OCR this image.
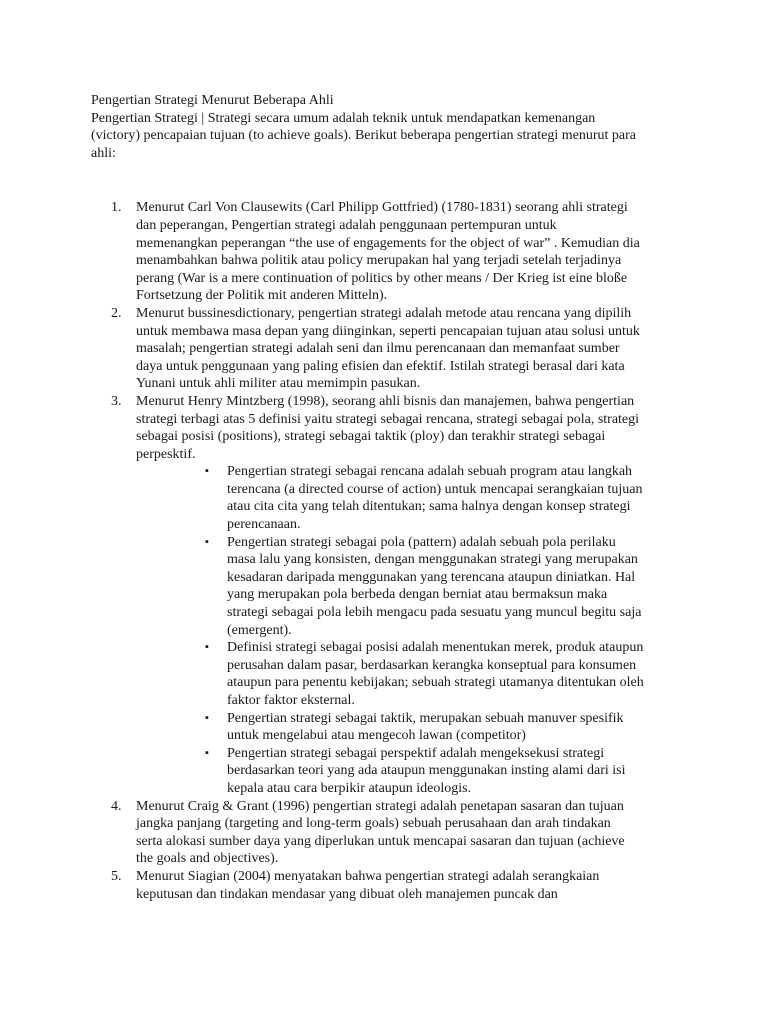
Pengertian Strategi Menurut Beberapa Ahli
Pengertian Strategi | Strategi secara umum adalah teknik untuk mendapatkan kemenangan
(victory) pencapaian tujuan (to achieve goals). Berikut beberapa pengertian strategi menurut para
ahli:
1. Menurut Carl Von Clausewits (Carl Philipp Gottfried) (1780-1831) seorang ahli strategi
dan peperangan, Pengertian strategi adalah penggunaan pertempuran untuk
memenangkan peperangan “the use of engagements for the object of war” . Kemudian dia
menambahkan bahwa politik atau policy merupakan hal yang terjadi setelah terjadinya
perang (War is a mere continuation of politics by other means / Der Krieg ist eine bloße
Fortsetzung der Politik mit anderen Mitteln).
2. Menurut bussinesdictionary, pengertian strategi adalah metode atau rencana yang dipilih
untuk membawa masa depan yang diinginkan, seperti pencapaian tujuan atau solusi untuk
masalah; pengertian strategi adalah seni dan ilmu perencanaan dan memanfaat sumber
daya untuk penggunaan yang paling efisien dan efektif. Istilah strategi berasal dari kata
Yunani untuk ahli militer atau memimpin pasukan.
3. Menurut Henry Mintzberg (1998), seorang ahli bisnis dan manajemen, bahwa pengertian
strategi terbagi atas 5 definisi yaitu strategi sebagai rencana, strategi sebagai pola, strategi
sebagai posisi (positions), strategi sebagai taktik (ploy) dan terakhir strategi sebagai
perpesktif.
▪ Pengertian strategi sebagai rencana adalah sebuah program atau langkah
terencana (a directed course of action) untuk mencapai serangkaian tujuan
atau cita cita yang telah ditentukan; sama halnya dengan konsep strategi
perencanaan.
▪ Pengertian strategi sebagai pola (pattern) adalah sebuah pola perilaku
masa lalu yang konsisten, dengan menggunakan strategi yang merupakan
kesadaran daripada menggunakan yang terencana ataupun diniatkan. Hal
yang merupakan pola berbeda dengan berniat atau bermaksun maka
strategi sebagai pola lebih mengacu pada sesuatu yang muncul begitu saja
(emergent).
▪ Definisi strategi sebagai posisi adalah menentukan merek, produk ataupun
perusahan dalam pasar, berdasarkan kerangka konseptual para konsumen
ataupun para penentu kebijakan; sebuah strategi utamanya ditentukan oleh
faktor faktor eksternal.
▪ Pengertian strategi sebagai taktik, merupakan sebuah manuver spesifik
untuk mengelabui atau mengecoh lawan (competitor)
▪ Pengertian strategi sebagai perspektif adalah mengeksekusi strategi
berdasarkan teori yang ada ataupun menggunakan insting alami dari isi
kepala atau cara berpikir ataupun ideologis.
4. Menurut Craig & Grant (1996) pengertian strategi adalah penetapan sasaran dan tujuan
jangka panjang (targeting and long-term goals) sebuah perusahaan dan arah tindakan
serta alokasi sumber daya yang diperlukan untuk mencapai sasaran dan tujuan (achieve
the goals and objectives).
5. Menurut Siagian (2004) menyatakan bahwa pengertian strategi adalah serangkaian
keputusan dan tindakan mendasar yang dibuat oleh manajemen puncak dan
